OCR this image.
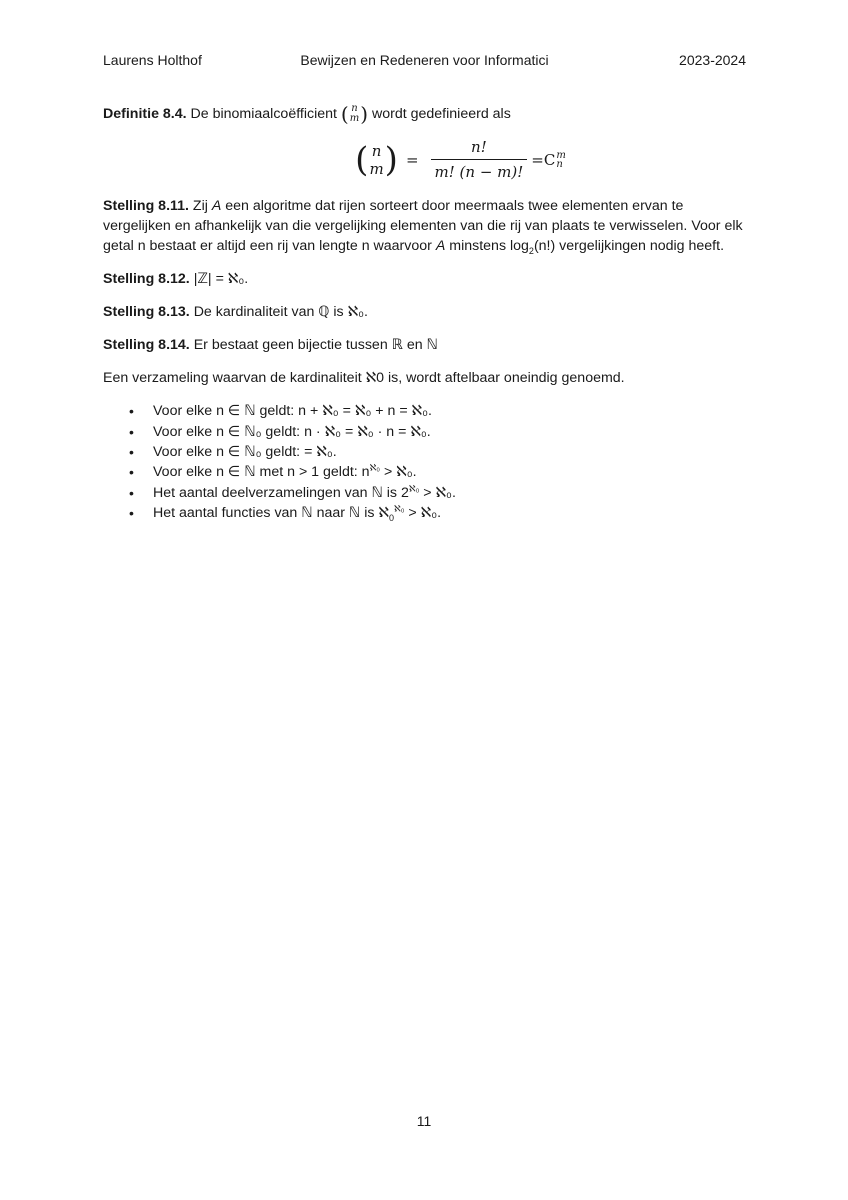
Laurens Holthof	Bewijzen en Redeneren voor Informatici	2023-2024

Definitie 8.4. De binomiaalcoëfficient ( n
m ) wordt gedefinieerd als

( n
m ) = $\frac{n!}{m! (n - m)!} = C$ m
n

Stelling 8.11. Zij A een algoritme dat rijen sorteert door meermaals twee elementen ervan te vergelijken en afhankelijk van die vergelijking elementen van die rij van plaats te verwisselen. Voor elk getal n bestaat er altijd een rij van lengte n waarvoor A minstens $\log_2(n!)$ vergelijkingen nodig heeft.

Stelling 8.12. |ℤ| = ℵ₀.

Stelling 8.13. De kardinaliteit van ℚ is ℵ₀.

Stelling 8.14. Er bestaat geen bijectie tussen ℝ en ℕ

Een verzameling waarvan de kardinaliteit ℵ0 is, wordt aftelbaar oneindig genoemd.

• Voor elke n ∈ ℕ geldt: n + ℵ₀ = ℵ₀ + n = ℵ₀.
• Voor elke n ∈ ℕ₀ geldt: n · ℵ₀ = ℵ₀ · n = ℵ₀.
• Voor elke n ∈ ℕ₀ geldt: = ℵ₀.
• Voor elke n ∈ ℕ met n > 1 geldt: $n^{ℵ_0}$ > ℵ₀.
• Het aantal deelverzamelingen van ℕ is $2^{ℵ_0}$ > ℵ₀.
• Het aantal functies van ℕ naar ℕ is ℵ$_0^{ℵ_0}$ > ℵ₀.
11
